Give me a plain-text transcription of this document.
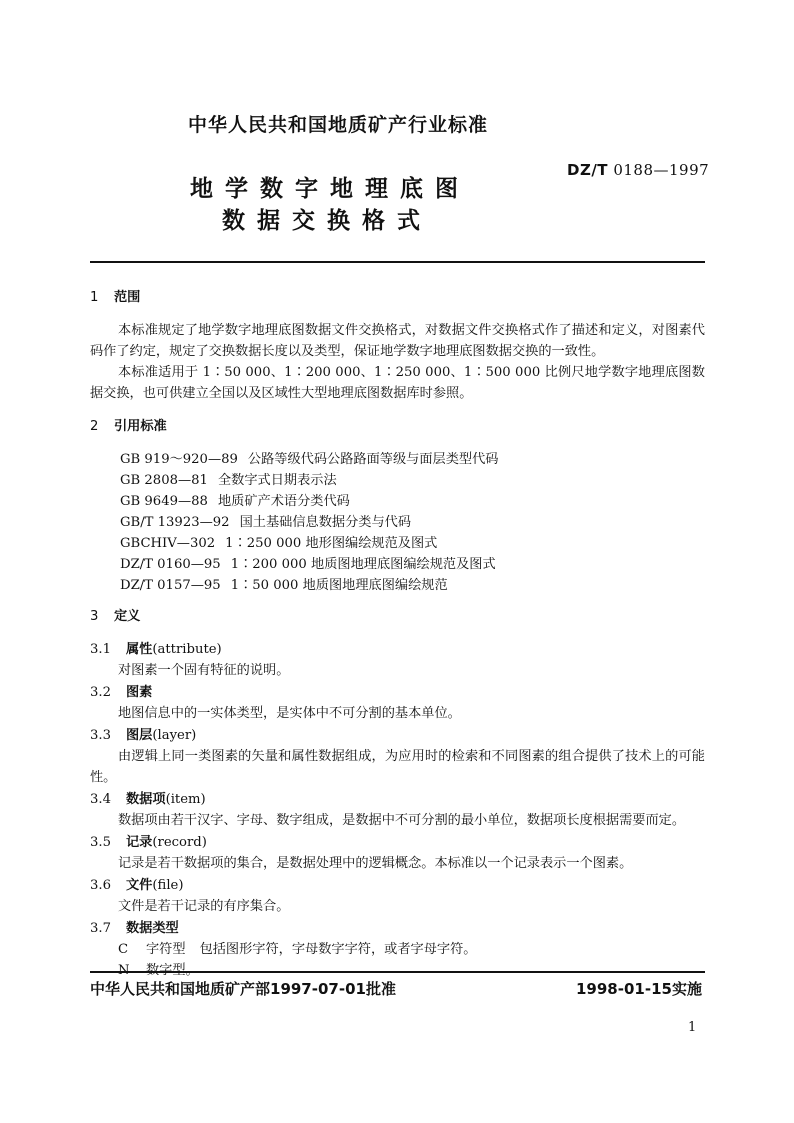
中华人民共和国地质矿产行业标准
DZ/T 0188—1997
地学数字地理底图
数据交换格式
1 范围
本标准规定了地学数字地理底图数据文件交换格式，对数据文件交换格式作了描述和定义，对图素代码作了约定，规定了交换数据长度以及类型，保证地学数字地理底图数据交换的一致性。
本标准适用于 1∶50 000、1∶200 000、1∶250 000、1∶500 000 比例尺地学数字地理底图数据交换，也可供建立全国以及区域性大型地理底图数据库时参照。
2 引用标准
GB 919～920—89 公路等级代码公路路面等级与面层类型代码
GB 2808—81 全数字式日期表示法
GB 9649—88 地质矿产术语分类代码
GB/T 13923—92 国土基础信息数据分类与代码
GBCHIV—302 1∶250 000 地形图编绘规范及图式
DZ/T 0160—95 1∶200 000 地质图地理底图编绘规范及图式
DZ/T 0157—95 1∶50 000 地质图地理底图编绘规范
3 定义
3.1 属性(attribute)
对图素一个固有特征的说明。
3.2 图素
地图信息中的一实体类型，是实体中不可分割的基本单位。
3.3 图层(layer)
由逻辑上同一类图素的矢量和属性数据组成，为应用时的检索和不同图素的组合提供了技术上的可能性。
3.4 数据项(item)
数据项由若干汉字、字母、数字组成，是数据中不可分割的最小单位，数据项长度根据需要而定。
3.5 记录(record)
记录是若干数据项的集合，是数据处理中的逻辑概念。本标准以一个记录表示一个图素。
3.6 文件(file)
文件是若干记录的有序集合。
3.7 数据类型
C 字符型 包括图形字符，字母数字字符，或者字母字符。
中华人民共和国地质矿产部1997-07-01批准	1998-01-15实施
1
